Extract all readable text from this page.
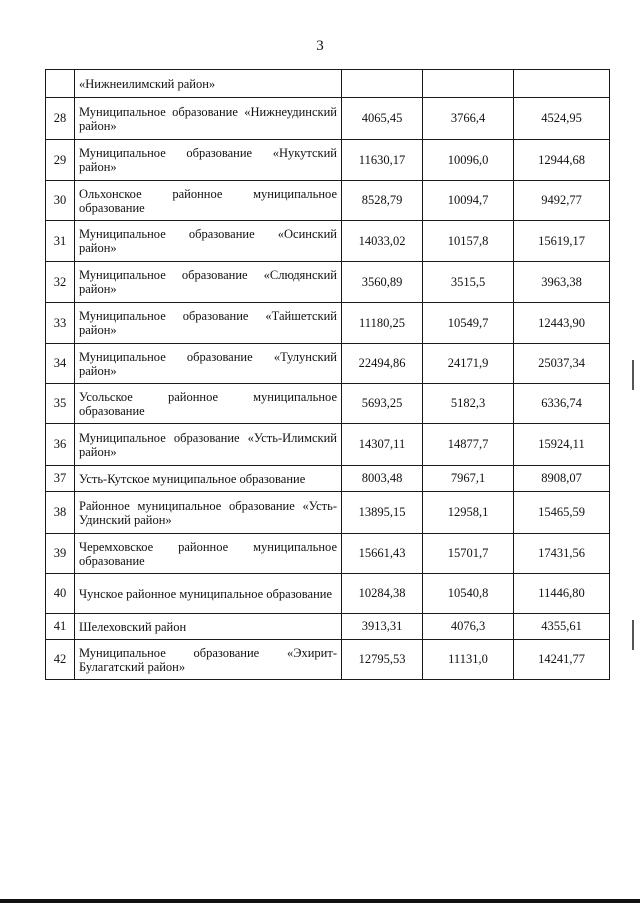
3
	«Нижнеилимский район»			
28	Муниципальное образование «Нижнеудинский район»	4065,45	3766,4	4524,95
29	Муниципальное образование «Нукутский район»	11630,17	10096,0	12944,68
30	Ольхонское районное муниципальное образование	8528,79	10094,7	9492,77
31	Муниципальное образование «Осинский район»	14033,02	10157,8	15619,17
32	Муниципальное образование «Слюдянский район»	3560,89	3515,5	3963,38
33	Муниципальное образование «Тайшетский район»	11180,25	10549,7	12443,90
34	Муниципальное образование «Тулунский район»	22494,86	24171,9	25037,34
35	Усольское районное муниципальное образование	5693,25	5182,3	6336,74
36	Муниципальное образование «Усть-Илимский район»	14307,11	14877,7	15924,11
37	Усть-Кутское муниципальное образование	8003,48	7967,1	8908,07
38	Районное муниципальное образование «Усть-Удинский район»	13895,15	12958,1	15465,59
39	Черемховское районное муниципальное образование	15661,43	15701,7	17431,56
40	Чунское районное муниципальное образование	10284,38	10540,8	11446,80
41	Шелеховский район	3913,31	4076,3	4355,61
42	Муниципальное образование «Эхирит-Булагатский район»	12795,53	11131,0	14241,77
